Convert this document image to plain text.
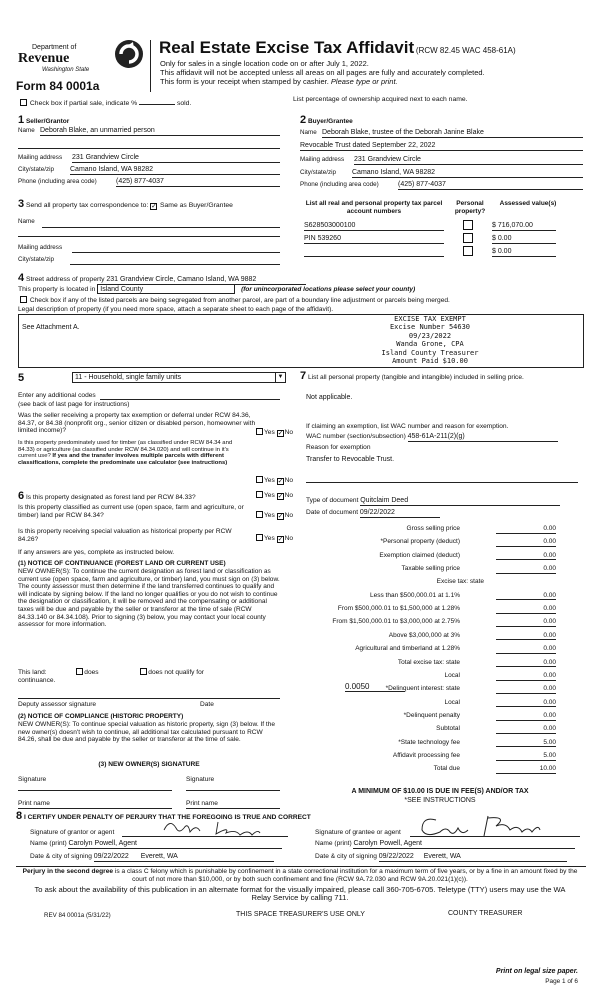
Department of
Revenue
Washington State
Form 84 0001a
Real Estate Excise Tax Affidavit (RCW 82.45 WAC 458-61A)
Only for sales in a single location code on or after July 1, 2022.
This affidavit will not be accepted unless all areas on all pages are fully and accurately completed.
This form is your receipt when stamped by cashier. Please type or print.
Check box if partial sale, indicate %	sold.
List percentage of ownership acquired next to each name.
1 Seller/Grantor
Name Deborah Blake, an unmarried person
Mailing address 231 Grandview Circle
City/state/zip Camano Island, WA 98282
Phone (including area code)	(425) 877-4037
2 Buyer/Grantee
Name Deborah Blake, trustee of the Deborah Janine Blake
Revocable Trust dated September 22, 2022
Mailing address 231 Grandview Circle
City/state/zip Camano Island, WA 98282
Phone (including area code)	(425) 877-4037
3 Send all property tax correspondence to: ✓ Same as Buyer/Grantee
Name
Mailing address
City/state/zip
List all real and personal property tax parcel account numbers
Personal property?
Assessed value(s)
S628503000100	$ 716,070.00
PIN 539260	$ 0.00
$ 0.00
4 Street address of property 231 Grandview Circle, Camano Island, WA 9882
This property is located in Island County	(for unincorporated locations please select your county)
Check box if any of the listed parcels are being segregated from another parcel, are part of a boundary line adjustment or parcels being merged.
Legal description of property (if you need more space, attach a separate sheet to each page of the affidavit).
See Attachment A.
EXCISE TAX EXEMPT
Excise Number 54630
09/23/2022
Wanda Grone, CPA
Island County Treasurer
Amount Paid $10.00
5	11 - Household, single family units	▼
Enter any additional codes
(see back of last page for instructions)
Was the seller receiving a property tax exemption or deferral under RCW 84.36, 84.37, or 84.38 (nonprofit org., senior citizen or disabled person, homeowner with limited income)?	Yes ✓No
Is this property predominately used for timber (as classified under RCW 84.34 and 84.33) or agriculture (as classified under RCW 84.34.020) and will continue in it's current use? If yes and the transfer involves multiple parcels with different classifications, complete the predominate use calculator (see instructions)
Yes ✓No
6 Is this property designated as forest land per RCW 84.33?	Yes ✓No
Is this property classified as current use (open space, farm and agriculture, or timber) land per RCW 84.34?	Yes ✓No
Is this property receiving special valuation as historical property per RCW 84.26?	Yes ✓No
If any answers are yes, complete as instructed below.
(1) NOTICE OF CONTINUANCE (FOREST LAND OR CURRENT USE)
NEW OWNER(S): To continue the current designation as forest land or classification as current use (open space, farm and agriculture, or timber) land, you must sign on (3) below. The county assessor must then determine if the land transferred continues to qualify and will indicate by signing below. If the land no longer qualifies or you do not wish to continue the designation or classification, it will be removed and the compensating or additional taxes will be due and payable by the seller or transferor at the time of sale (RCW 84.33.140 or 84.34.108). Prior to signing (3) below, you may contact your local county assessor for more information.
This land:	does	does not qualify for
continuance.
Deputy assessor signature	Date
(2) NOTICE OF COMPLIANCE (HISTORIC PROPERTY)
NEW OWNER(S): To continue special valuation as historic property, sign (3) below. If the new owner(s) doesn't wish to continue, all additional tax calculated pursuant to RCW 84.26, shall be due and payable by the seller or transferor at the time of sale.
(3) NEW OWNER(S) SIGNATURE
Signature	Signature
Print name	Print name
7 List all personal property (tangible and intangible) included in selling price.
Not applicable.
If claiming an exemption, list WAC number and reason for exemption.
WAC number (section/subsection) 458-61A-211(2)(g)
Reason for exemption
Transfer to Revocable Trust.
Type of document Quitclaim Deed
Date of document 09/22/2022
Gross selling price	0.00
*Personal property (deduct)	0.00
Exemption claimed (deduct)	0.00
Taxable selling price	0.00
Excise tax: state
Less than $500,000.01 at 1.1%	0.00
From $500,000.01 to $1,500,000 at 1.28%	0.00
From $1,500,000.01 to $3,000,000 at 2.75%	0.00
Above $3,000,000 at 3%	0.00
Agricultural and timberland at 1.28%	0.00
Total excise tax: state	0.00
Local	0.00
*Delinquent interest: state	0.00
Local	0.00
*Delinquent penalty	0.00
Subtotal	0.00
*State technology fee	5.00
Affidavit processing fee	5.00
Total due	10.00
0.0050
A MINIMUM OF $10.00 IS DUE IN FEE(S) AND/OR TAX
*SEE INSTRUCTIONS
8 I CERTIFY UNDER PENALTY OF PERJURY THAT THE FOREGOING IS TRUE AND CORRECT
Signature of grantor or agent	Signature of grantee or agent
Name (print) Carolyn Powell, Agent	Name (print) Carolyn Powell, Agent
Date & city of signing 09/22/2022 Everett, WA	Date & city of signing 09/22/2022 Everett, WA
Perjury in the second degree is a class C felony which is punishable by confinement in a state correctional institution for a maximum term of five years, or by a fine in an amount fixed by the court of not more than $10,000, or by both such confinement and fine (RCW 9A.72.030 and RCW 9A.20.021(1)(c)).
To ask about the availability of this publication in an alternate format for the visually impaired, please call 360-705-6705. Teletype (TTY) users may use the WA Relay Service by calling 711.
REV 84 0001a (5/31/22)	THIS SPACE TREASURER'S USE ONLY	COUNTY TREASURER
Print on legal size paper.
Page 1 of 6
